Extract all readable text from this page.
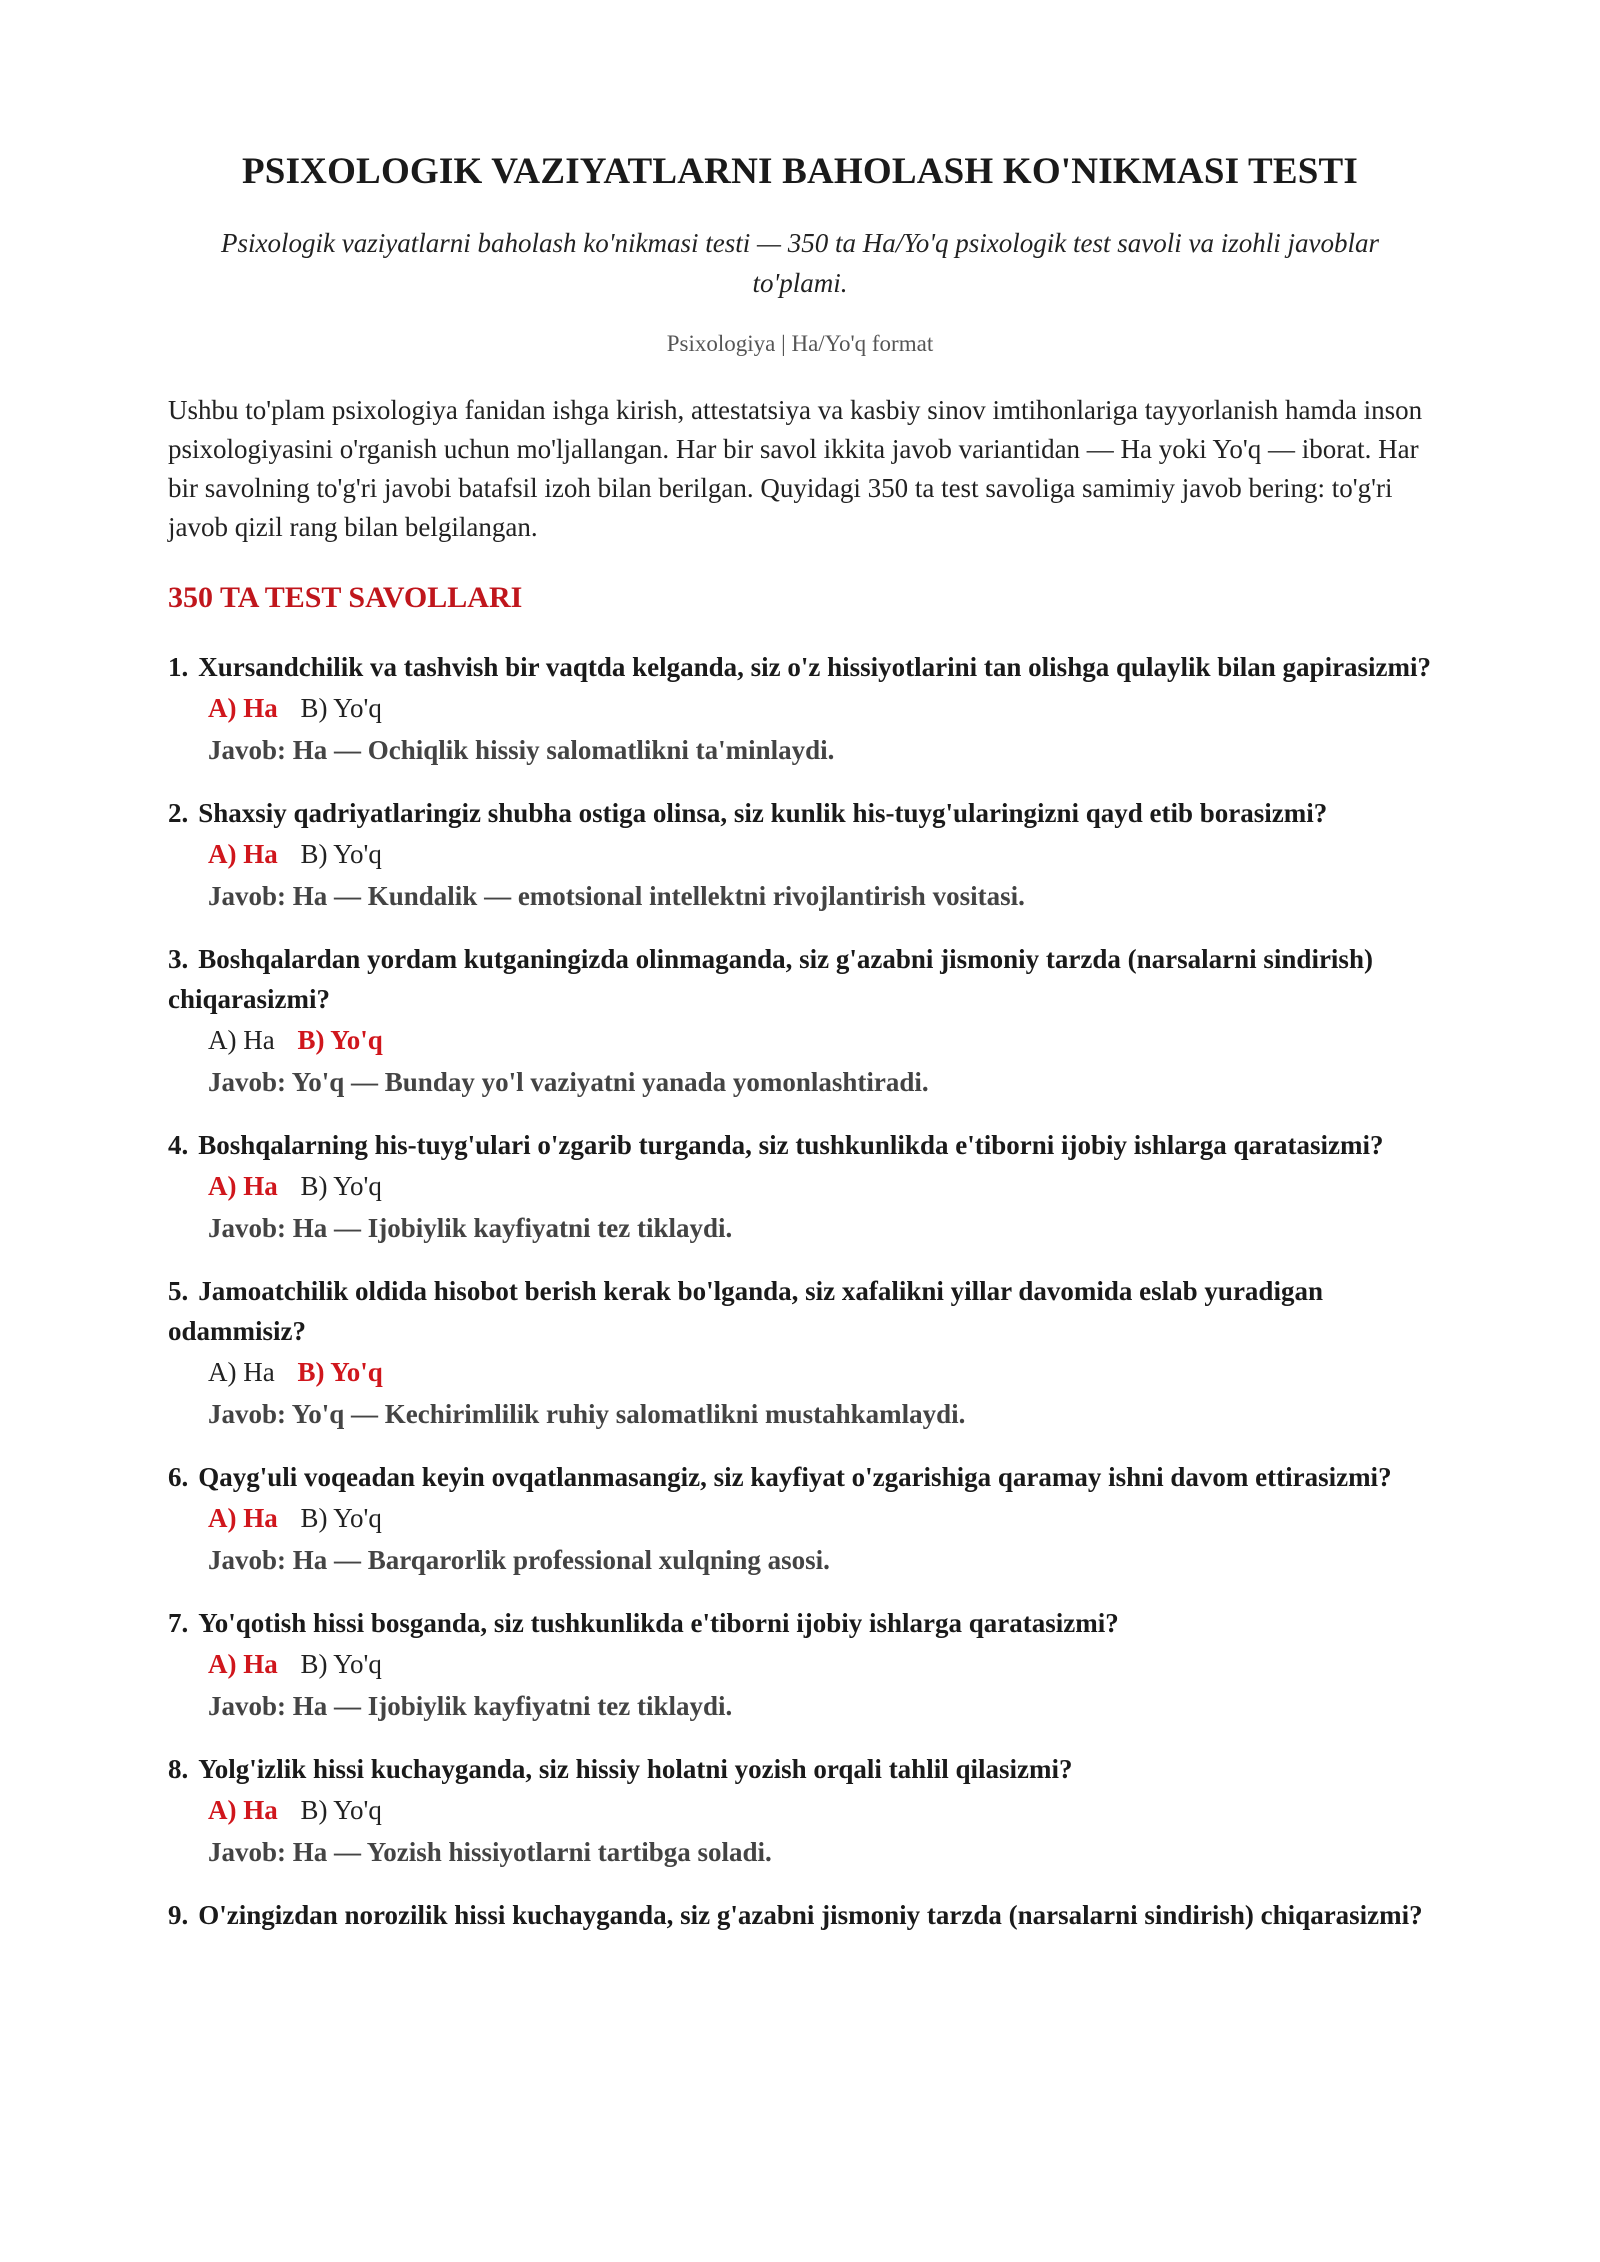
PSIXOLOGIK VAZIYATLARNI BAHOLASH KO'NIKMASI TESTI

Psixologik vaziyatlarni baholash ko'nikmasi testi — 350 ta Ha/Yo'q psixologik test savoli va izohli javoblar to'plami.

Psixologiya | Ha/Yo'q format

Ushbu to'plam psixologiya fanidan ishga kirish, attestatsiya va kasbiy sinov imtihonlariga tayyorlanish hamda inson psixologiyasini o'rganish uchun mo'ljallangan. Har bir savol ikkita javob variantidan — Ha yoki Yo'q — iborat. Har bir savolning to'g'ri javobi batafsil izoh bilan berilgan. Quyidagi 350 ta test savoliga samimiy javob bering: to'g'ri javob qizil rang bilan belgilangan.

350 TA TEST SAVOLLARI
1. Xursandchilik va tashvish bir vaqtda kelganda, siz o'z hissiyotlarini tan olishga qulaylik bilan gapirasizmi?
A) Ha B) Yo'q
Javob: Ha — Ochiqlik hissiy salomatlikni ta'minlaydi.
2. Shaxsiy qadriyatlaringiz shubha ostiga olinsa, siz kunlik his-tuyg'ularingizni qayd etib borasizmi?
A) Ha B) Yo'q
Javob: Ha — Kundalik — emotsional intellektni rivojlantirish vositasi.
3. Boshqalardan yordam kutganingizda olinmaganda, siz g'azabni jismoniy tarzda (narsalarni sindirish) chiqarasizmi?
A) Ha B) Yo'q
Javob: Yo'q — Bunday yo'l vaziyatni yanada yomonlashtiradi.
4. Boshqalarning his-tuyg'ulari o'zgarib turganda, siz tushkunlikda e'tiborni ijobiy ishlarga qaratasizmi?
A) Ha B) Yo'q
Javob: Ha — Ijobiylik kayfiyatni tez tiklaydi.
5. Jamoatchilik oldida hisobot berish kerak bo'lganda, siz xafalikni yillar davomida eslab yuradigan odammisiz?
A) Ha B) Yo'q
Javob: Yo'q — Kechirimlilik ruhiy salomatlikni mustahkamlaydi.
6. Qayg'uli voqeadan keyin ovqatlanmasangiz, siz kayfiyat o'zgarishiga qaramay ishni davom ettirasizmi?
A) Ha B) Yo'q
Javob: Ha — Barqarorlik professional xulqning asosi.
7. Yo'qotish hissi bosganda, siz tushkunlikda e'tiborni ijobiy ishlarga qaratasizmi?
A) Ha B) Yo'q
Javob: Ha — Ijobiylik kayfiyatni tez tiklaydi.
8. Yolg'izlik hissi kuchayganda, siz hissiy holatni yozish orqali tahlil qilasizmi?
A) Ha B) Yo'q
Javob: Ha — Yozish hissiyotlarni tartibga soladi.
9. O'zingizdan norozilik hissi kuchayganda, siz g'azabni jismoniy tarzda (narsalarni sindirish) chiqarasizmi?
